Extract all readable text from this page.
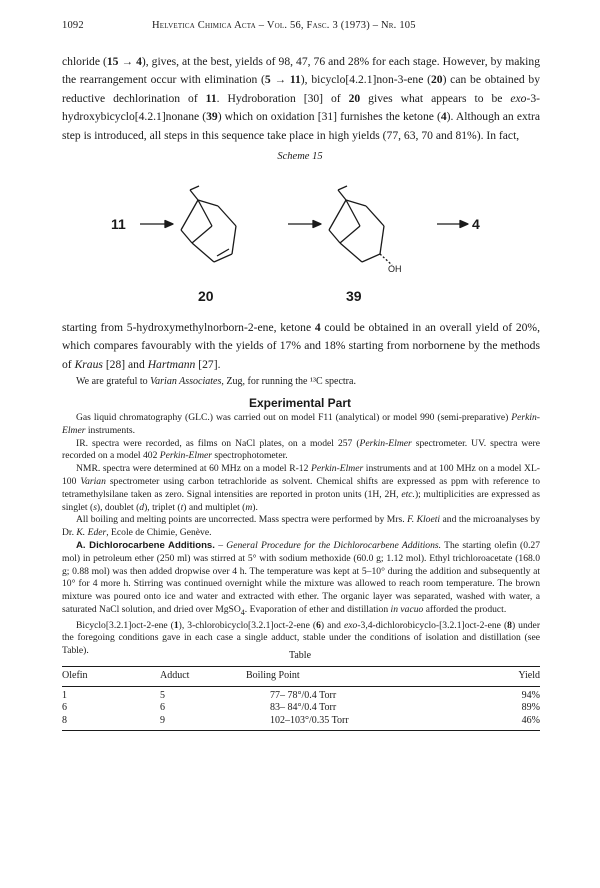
1092	Helvetica Chimica Acta – Vol. 56, Fasc. 3 (1973) – Nr. 105
chloride (15 → 4), gives, at the best, yields of 98, 47, 76 and 28% for each stage. However, by making the rearrangement occur with elimination (5 → 11), bicyclo[4.2.1]non-3-ene (20) can be obtained by reductive dechlorination of 11. Hydroboration [30] of 20 gives what appears to be exo-3-hydroxybicyclo[4.2.1]nonane (39) which on oxidation [31] furnishes the ketone (4). Although an extra step is introduced, all steps in this sequence take place in high yields (77, 63, 70 and 81%). In fact,
Scheme 15
11	4
OH
20	39
starting from 5-hydroxymethylnorborn-2-ene, ketone 4 could be obtained in an overall yield of 20%, which compares favourably with the yields of 17% and 18% starting from norbornene by the methods of Kraus [28] and Hartmann [27].
We are grateful to Varian Associates, Zug, for running the ¹³C spectra.
Experimental Part

Gas liquid chromatography (GLC.) was carried out on model F11 (analytical) or model 990 (semi-preparative) Perkin-Elmer instruments.

IR. spectra were recorded, as films on NaCl plates, on a model 257 (Perkin-Elmer spectrometer. UV. spectra were recorded on a model 402 Perkin-Elmer spectrophotometer.

NMR. spectra were determined at 60 MHz on a model R-12 Perkin-Elmer instruments and at 100 MHz on a model XL-100 Varian spectrometer using carbon tetrachloride as solvent. Chemical shifts are expressed as ppm with reference to tetramethylsilane taken as zero. Signal intensities are reported in proton units (1H, 2H, etc.); multiplicities are expressed as singlet (s), doublet (d), triplet (t) and multiplet (m).

All boiling and melting points are uncorrected. Mass spectra were performed by Mrs. F. Kloeti and the microanalyses by Dr. K. Eder, Ecole de Chimie, Genève.

A. Dichlorocarbene Additions. – General Procedure for the Dichlorocarbene Additions. The starting olefin (0.27 mol) in petroleum ether (250 ml) was stirred at 5° with sodium methoxide (60.0 g; 1.12 mol). Ethyl trichloroacetate (168.0 g; 0.88 mol) was then added dropwise over 4 h. The temperature was kept at 5–10° during the addition and subsequently at 10° for 4 more h. Stirring was continued overnight while the mixture was allowed to reach room temperature. The brown mixture was poured onto ice and water and extracted with ether. The organic layer was separated, washed with water, a saturated NaCl solution, and dried over MgSO$_4$. Evaporation of ether and distillation in vacuo afforded the product.

Bicyclo[3.2.1]oct-2-ene (1), 3-chlorobicyclo[3.2.1]oct-2-ene (6) and exo-3,4-dichlorobicyclo-[3.2.1]oct-2-ene (8) under the foregoing conditions gave in each case a single adduct, stable under the conditions of isolation and distillation (see Table).	Table
Olefin	Adduct	Boiling Point	Yield
1	5	77– 78°/0.4 Torr	94%
6	6	83– 84°/0.4 Torr	89%
8	9	102–103°/0.35 Torr	46%
